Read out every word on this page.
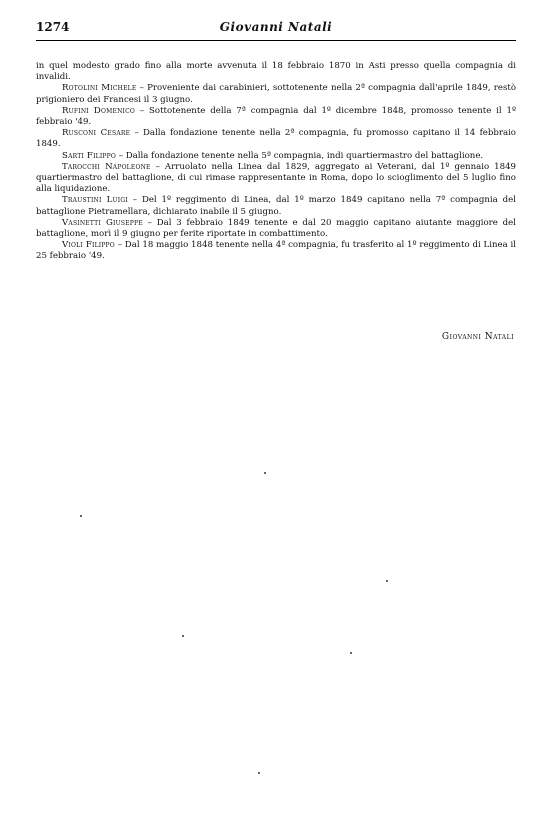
1274	Giovanni Natali

in quel modesto grado fino alla morte avvenuta il 18 febbraio 1870 in Asti presso quella compagnia di invalidi.

Rotolini Michele – Proveniente dai carabinieri, sottotenente nella 2ª compagnia dall'aprile 1849, restò prigioniero dei Francesi il 3 giugno.

Rufini Domenico – Sottotenente della 7ª compagnia dal 1º dicembre 1848, promosso tenente il 1º febbraio '49.

Rusconi Cesare – Dalla fondazione tenente nella 2ª compagnia, fu promosso capitano il 14 febbraio 1849.

Sarti Filippo – Dalla fondazione tenente nella 5ª compagnia, indi quartiermastro del battaglione.

Tarocchi Napoleone – Arruolato nella Linea dal 1829, aggregato ai Veterani, dal 1º gennaio 1849 quartiermastro del battaglione, di cui rimase rappresentante in Roma, dopo lo scioglimento del 5 luglio fino alla liquidazione.

Traustini Luigi – Del 1º reggimento di Linea, dal 1º marzo 1849 capitano nella 7ª compagnia del battaglione Pietramellara, dichiarato inabile il 5 giugno.

Vasinetti Giuseppe – Dal 3 febbraio 1849 tenente e dal 20 maggio capitano aiutante maggiore del battaglione, morì il 9 giugno per ferite riportate in combattimento.

Violi Filippo – Dal 18 maggio 1848 tenente nella 4ª compagnia, fu trasferito al 1º reggimento di Linea il 25 febbraio '49.

Giovanni Natali
